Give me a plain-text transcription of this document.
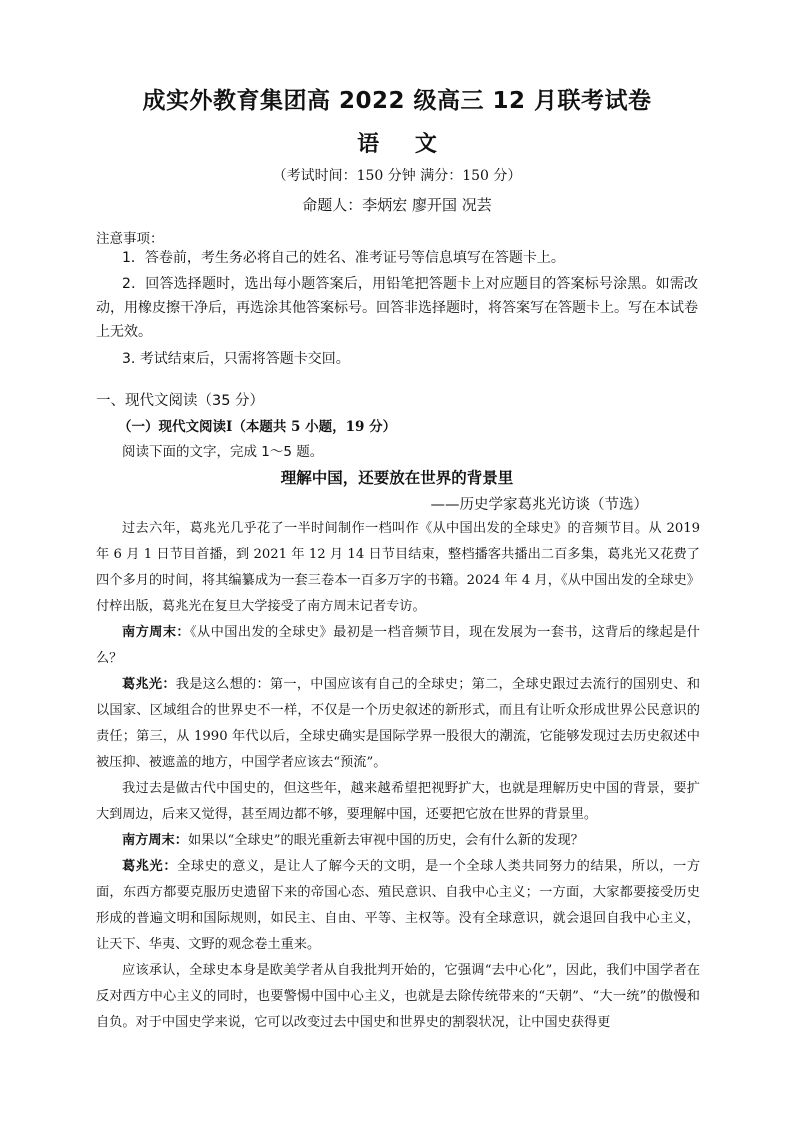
成实外教育集团高 2022 级高三 12 月联考试卷
语 文
（考试时间：150 分钟 满分：150 分）
命题人：李炳宏 廖开国 况芸
注意事项：
1．答卷前，考生务必将自己的姓名、准考证号等信息填写在答题卡上。
2．回答选择题时，选出每小题答案后，用铅笔把答题卡上对应题目的答案标号涂黑。如需改动，用橡皮擦干净后，再选涂其他答案标号。回答非选择题时，将答案写在答题卡上。写在本试卷上无效。
3. 考试结束后，只需将答题卡交回。
一、现代文阅读（35 分）
（一）现代文阅读Ⅰ（本题共 5 小题，19 分）
阅读下面的文字，完成 1～5 题。
理解中国，还要放在世界的背景里
——历史学家葛兆光访谈（节选）
过去六年，葛兆光几乎花了一半时间制作一档叫作《从中国出发的全球史》的音频节目。从 2019 年 6 月 1 日节目首播，到 2021 年 12 月 14 日节目结束，整档播客共播出二百多集，葛兆光又花费了四个多月的时间，将其编纂成为一套三卷本一百多万字的书籍。2024 年 4 月，《从中国出发的全球史》付梓出版，葛兆光在复旦大学接受了南方周末记者专访。
南方周末：《从中国出发的全球史》最初是一档音频节目，现在发展为一套书，这背后的缘起是什么？
葛兆光：我是这么想的：第一，中国应该有自己的全球史；第二，全球史跟过去流行的国别史、和以国家、区域组合的世界史不一样，不仅是一个历史叙述的新形式，而且有让听众形成世界公民意识的责任；第三，从 1990 年代以后，全球史确实是国际学界一股很大的潮流，它能够发现过去历史叙述中被压抑、被遮盖的地方，中国学者应该去“预流”。
我过去是做古代中国史的，但这些年，越来越希望把视野扩大，也就是理解历史中国的背景，要扩大到周边，后来又觉得，甚至周边都不够，要理解中国，还要把它放在世界的背景里。
南方周末：如果以“全球史”的眼光重新去审视中国的历史，会有什么新的发现？
葛兆光：全球史的意义，是让人了解今天的文明，是一个全球人类共同努力的结果，所以，一方面，东西方都要克服历史遗留下来的帝国心态、殖民意识、自我中心主义；一方面，大家都要接受历史形成的普遍文明和国际规则，如民主、自由、平等、主权等。没有全球意识，就会退回自我中心主义，让天下、华夷、文野的观念卷土重来。
应该承认，全球史本身是欧美学者从自我批判开始的，它强调“去中心化”，因此，我们中国学者在反对西方中心主义的同时，也要警惕中国中心主义，也就是去除传统带来的“天朝”、“大一统”的傲慢和自负。对于中国史学来说，它可以改变过去中国史和世界史的割裂状况，让中国史获得更
